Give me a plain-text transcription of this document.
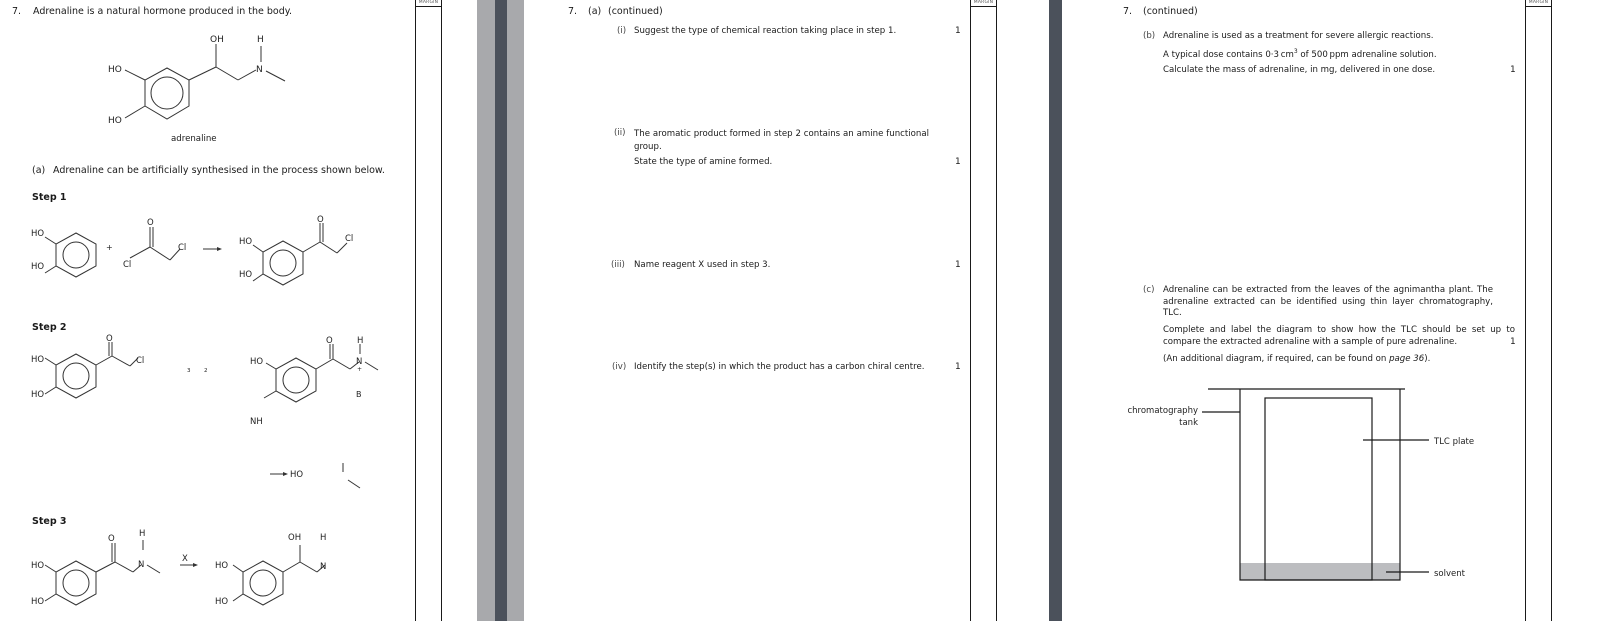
7. Adrenaline is a natural hormone produced in the body.
HO
HO
OH	H
N
adrenaline
(a) Adrenaline can be artificially synthesised in the process shown below.
Step 1
HO
HO
+
Cl
O
Cl
HO
HO
O
Cl
Step 2
HO
HO
O
Cl
3 2
HO
O	H
N
+
B
NH
HO
Step 3
HO
HO
O	H
N
X
HO
HO
OH H
N
MARGIN
7. (a) (continued)
(i) Suggest the type of chemical reaction taking place in step 1.	1
(ii) The aromatic product formed in step 2 contains an amine functional group.
State the type of amine formed.	1
(iii) Name reagent X used in step 3.	1
(iv) Identify the step(s) in which the product has a carbon chiral centre.	1
MARGIN
7. (continued)
(b) Adrenaline is used as a treatment for severe allergic reactions.
A typical dose contains 0·3 $cm^3$ of 500 ppm adrenaline solution.
Calculate the mass of adrenaline, in mg, delivered in one dose.	1
(c) Adrenaline can be extracted from the leaves of the agnimantha plant. The adrenaline extracted can be identified using thin layer chromatography, TLC.
Complete and label the diagram to show how the TLC should be set up to compare the extracted adrenaline with a sample of pure adrenaline.	1
(An additional diagram, if required, can be found on page 36).
chromatography
tank
TLC plate
solvent
MARGIN
